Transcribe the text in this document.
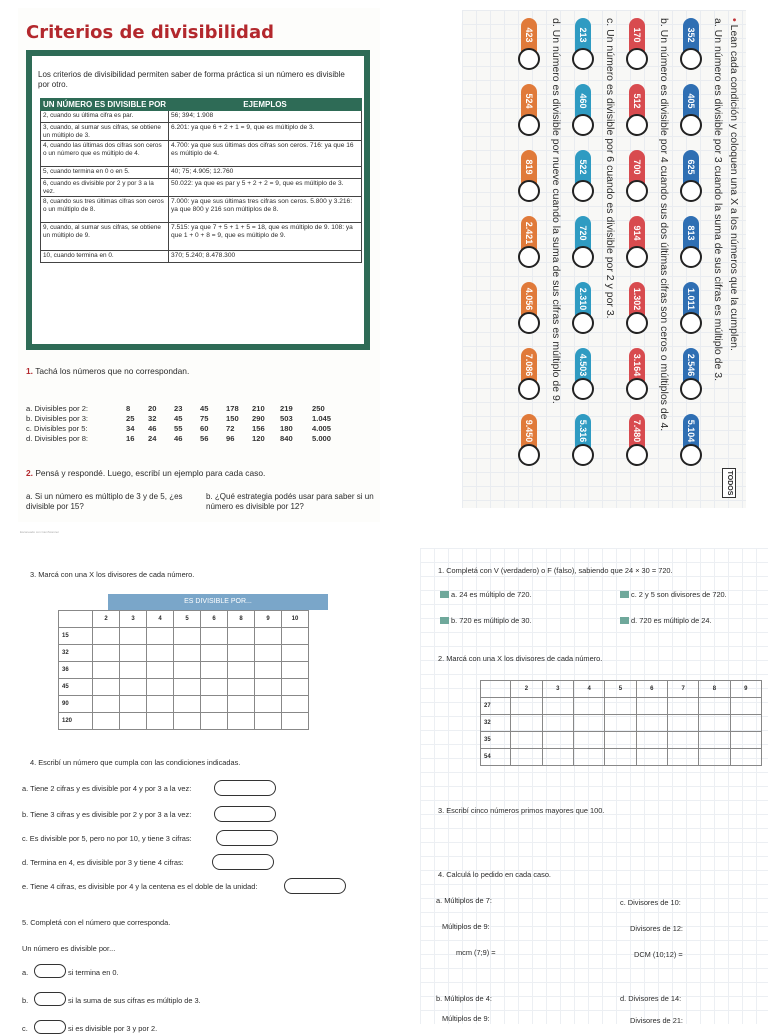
Criterios de divisibilidad
Los criterios de divisibilidad permiten saber de forma práctica si un número es divisible por otro.
UN NÚMERO ES DIVISIBLE POR	EJEMPLOS
2, cuando su última cifra es par.	56; 394; 1.908
3, cuando, al sumar sus cifras, se obtiene un múltiplo de 3.	6.201: ya que 6 + 2 + 1 = 9, que es múltiplo de 3.
4, cuando las últimas dos cifras son ceros o un número que es múltiplo de 4.	4.700: ya que sus últimas dos cifras son ceros. 716: ya que 16 es múltiplo de 4.
5, cuando termina en 0 o en 5.	40; 75; 4.905; 12.760
6, cuando es divisible por 2 y por 3 a la vez.	50.022: ya que es par y 5 + 2 + 2 = 9, que es múltiplo de 3.
8, cuando sus tres últimas cifras son ceros o un múltiplo de 8.	7.000: ya que sus últimas tres cifras son ceros. 5.800 y 3.216: ya que 800 y 216 son múltiplos de 8.
9, cuando, al sumar sus cifras, se obtiene un múltiplo de 9.	7.515: ya que 7 + 5 + 1 + 5 = 18, que es múltiplo de 9. 108: ya que 1 + 0 + 8 = 9, que es múltiplo de 9.
10, cuando termina en 0.	370; 5.240; 8.478.300
1. Tachá los números que no correspondan.
a. Divisibles por 2:	8 20 23 45 178 210 219	250
b. Divisibles por 3:	25 32 45 75 150 290 503	1.045
c. Divisibles por 5:	34 46 55 60 72 156 180	4.005
d. Divisibles por 8:	16 24 46 56 96 120 840	5.000
2. Pensá y respondé. Luego, escribí un ejemplo para cada caso.
a. Si un número es múltiplo de 3 y de 5, ¿es divisible por 15?
b. ¿Qué estrategia podés usar para saber si un número es divisible por 12?
Escaneado con CamScanner
• Lean cada condición y coloquen una X a los números que la cumplen.
TODOS
a. Un número es divisible por 3 cuando la suma de sus cifras es múltiplo de 3.
352
405
625
813
1.011
2.546
5.104
b. Un número es divisible por 4 cuando sus dos últimas cifras son ceros o múltiplos de 4.
170
512
700
914
1.302
3.164
7.480
c. Un número es divisible por 6 cuando es divisible por 2 y por 3.
213
460
522
720
2.310
4.503
5.316
d. Un número es divisible por nueve cuando la suma de sus cifras es múltiplo de 9.
423
524
819
2.421
4.056
7.086
9.450
3. Marcá con una X los divisores de cada número.
ES DIVISIBLE POR...
	2	3	4	5	6	8	9	10
15								
32								
36								
45								
90								
120								
4. Escribí un número que cumpla con las condiciones indicadas.
a. Tiene 2 cifras y es divisible por 4 y por 3 a la vez:
b. Tiene 3 cifras y es divisible por 2 y por 3 a la vez:
c. Es divisible por 5, pero no por 10, y tiene 3 cifras:
d. Termina en 4, es divisible por 3 y tiene 4 cifras:
e. Tiene 4 cifras, es divisible por 4 y la centena es el doble de la unidad:
5. Completá con el número que corresponda.
Un número es divisible por...
a.	si termina en 0.
b.	si la suma de sus cifras es múltiplo de 3.
c.	si es divisible por 3 y por 2.
1. Completá con V (verdadero) o F (falso), sabiendo que 24 × 30 = 720.
a. 24 es múltiplo de 720.	c. 2 y 5 son divisores de 720.
b. 720 es múltiplo de 30.	d. 720 es múltiplo de 24.
2. Marcá con una X los divisores de cada número.
	2	3	4	5	6	7	8	9
27								
32								
35								
54								
3. Escribí cinco números primos mayores que 100.
4. Calculá lo pedido en cada caso.
a. Múltiplos de 7:
Múltiplos de 9:
mcm (7;9) =
c. Divisores de 10:
Divisores de 12:
DCM (10;12) =
b. Múltiplos de 4:
Múltiplos de 9:
d. Divisores de 14:
Divisores de 21:
